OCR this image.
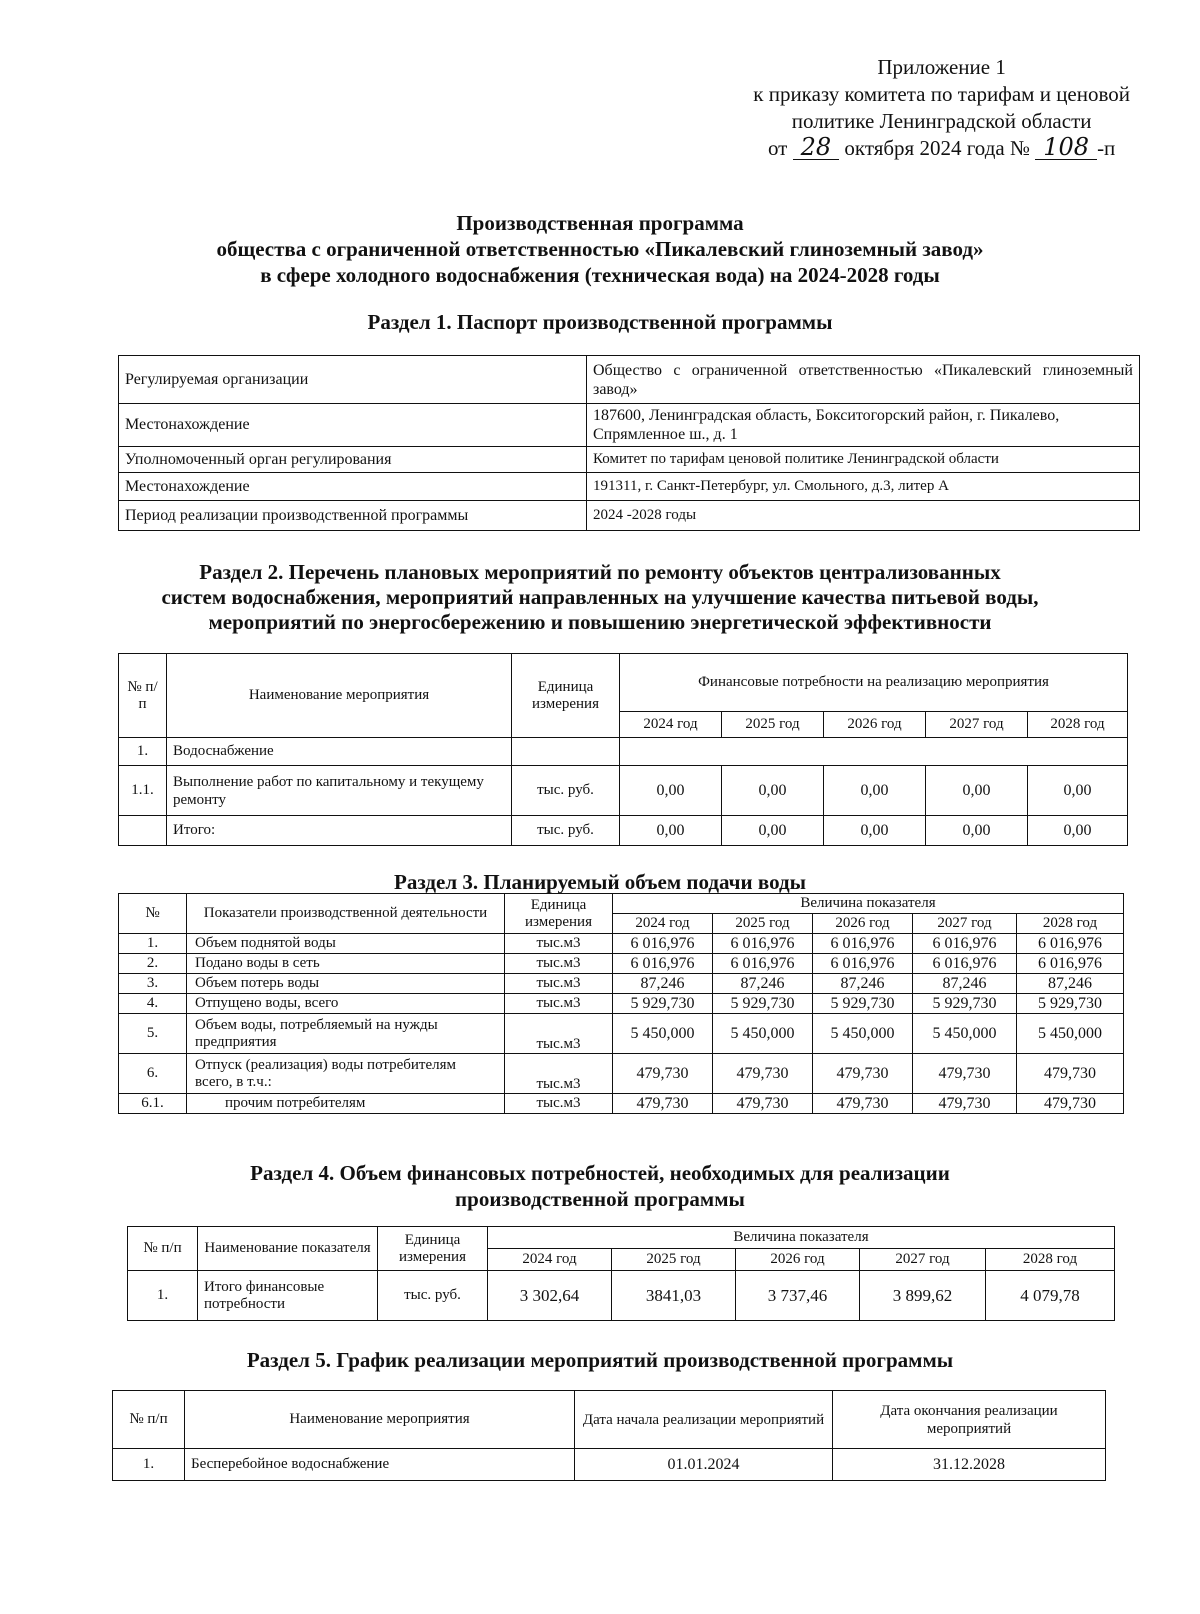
Приложение 1
к приказу комитета по тарифам и ценовой
политике Ленинградской области
от 28 октября 2024 года № 108 -п
Производственная программа
общества с ограниченной ответственностью «Пикалевский глиноземный завод»
в сфере холодного водоснабжения (техническая вода) на 2024-2028 годы
Раздел 1. Паспорт производственной программы
Регулируемая организации	Общество с ограниченной ответственностью «Пикалевский глиноземный завод»
Местонахождение	187600, Ленинградская область, Бокситогорский район, г. Пикалево, Спрямленное ш., д. 1
Уполномоченный орган регулирования	Комитет по тарифам ценовой политике Ленинградской области
Местонахождение	191311, г. Санкт-Петербург, ул. Смольного, д.3, литер А
Период реализации производственной программы	2024 -2028 годы
Раздел 2. Перечень плановых мероприятий по ремонту объектов централизованных
систем водоснабжения, мероприятий направленных на улучшение качества питьевой воды,
мероприятий по энергосбережению и повышению энергетической эффективности
№ п/п	Наименование мероприятия	Единица измерения	Финансовые потребности на реализацию мероприятия				
			2024 год	2025 год	2026 год	2027 год	2028 год
1.	Водоснабжение						
1.1.	Выполнение работ по капитальному и текущему ремонту	тыс. руб.	0,00	0,00	0,00	0,00	0,00
	Итого:	тыс. руб.	0,00	0,00	0,00	0,00	0,00
Раздел 3. Планируемый объем подачи воды
№	Показатели производственной деятельности	Единица измерения	Величина показателя				
			2024 год	2025 год	2026 год	2027 год	2028 год
1.	Объем поднятой воды	тыс.м3	6 016,976	6 016,976	6 016,976	6 016,976	6 016,976
2.	Подано воды в сеть	тыс.м3	6 016,976	6 016,976	6 016,976	6 016,976	6 016,976
3.	Объем потерь воды	тыс.м3	87,246	87,246	87,246	87,246	87,246
4.	Отпущено воды, всего	тыс.м3	5 929,730	5 929,730	5 929,730	5 929,730	5 929,730
5.	Объем воды, потребляемый на нужды предприятия	тыс.м3	5 450,000	5 450,000	5 450,000	5 450,000	5 450,000
6.	Отпуск (реализация) воды потребителям всего, в т.ч.:	тыс.м3	479,730	479,730	479,730	479,730	479,730
6.1.	прочим потребителям	тыс.м3	479,730	479,730	479,730	479,730	479,730
Раздел 4. Объем финансовых потребностей, необходимых для реализации
производственной программы
№ п/п	Наименование показателя	Единица измерения	Величина показателя				
			2024 год	2025 год	2026 год	2027 год	2028 год
1.	Итого финансовые потребности	тыс. руб.	3 302,64	3841,03	3 737,46	3 899,62	4 079,78
Раздел 5. График реализации мероприятий производственной программы
№ п/п	Наименование мероприятия	Дата начала реализации мероприятий	Дата окончания реализации мероприятий
1.	Бесперебойное водоснабжение	01.01.2024	31.12.2028
